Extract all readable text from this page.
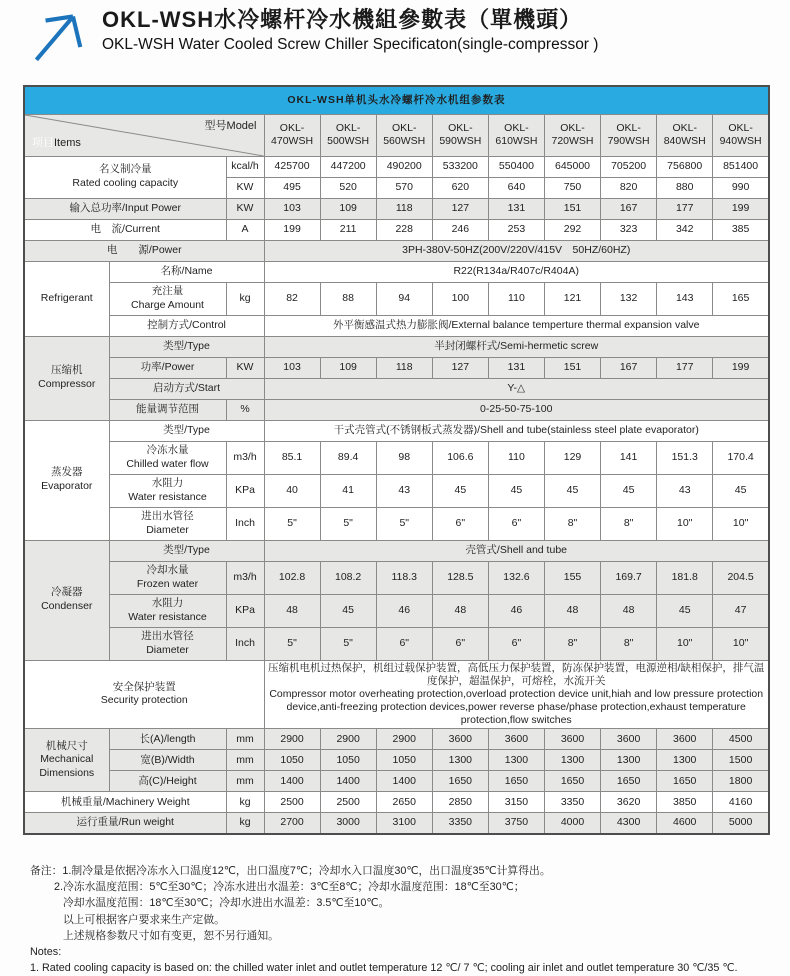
OKL-WSH水冷螺杆冷水機組參數表（單機頭）
OKL-WSH Water Cooled Screw Chiller Specificaton(single-compressor )
OKL-WSH单机头水冷螺杆冷水机组参数表											

型号Model
项目Items			OKL-470WSH	OKL-500WSH	OKL-560WSH	OKL-590WSH	OKL-610WSH	OKL-720WSH	OKL-790WSH	OKL-840WSH	OKL-940WSH

名义制冷量
Rated cooling capacity		kcal/h	425700	447200	490200	533200	550400	645000	705200	756800	851400
		KW	495	520	570	620	640	750	820	880	990
输入总功率/Input Power		KW	103	109	118	127	131	151	167	177	199
电　流/Current		A	199	211	228	246	253	292	323	342	385
电　　源/Power			3PH-380V-50HZ(200V/220V/415V　50HZ/60HZ)								
Refrigerant	名称/Name		R22(R134a/R407c/R404A)								

	充注量
Charge Amount	kg	82	88	94	100	110	121	132	143	165
	控制方式/Control		外平衡感温式热力膨胀阀/External balance temperture thermal expansion valve								

压缩机
Compressor	类型/Type		半封闭螺杆式/Semi-hermetic screw								
	功率/Power	KW	103	109	118	127	131	151	167	177	199
	启动方式/Start		Y-△								
	能量调节范围	%	0-25-50-75-100								

蒸发器
Evaporator	类型/Type		干式壳管式(不锈钢板式蒸发器)/Shell and tube(stainless steel plate evaporator)								

	冷冻水量
Chilled water flow	m3/h	85.1	89.4	98	106.6	110	129	141	151.3	170.4

	水阻力
Water resistance	KPa	40	41	43	45	45	45	45	43	45

	进出水管径
Diameter	Inch	5"	5"	5"	6"	6"	8"	8"	10"	10"

冷凝器
Condenser	类型/Type		壳管式/Shell and tube								

	冷却水量
Frozen water	m3/h	102.8	108.2	118.3	128.5	132.6	155	169.7	181.8	204.5

	水阻力
Water resistance	KPa	48	45	46	48	46	48	48	45	47

	进出水管径
Diameter	Inch	5"	5"	6"	6"	6"	8"	8"	10"	10"

安全保护装置
Security protection

压缩机电机过热保护，机组过载保护装置，高低压力保护装置，防冻保护装置，电源逆相/缺相保护，排气温度保护，超温保护，可熔栓，水流开关
Compressor motor overheating protection,overload protection device unit,hiah and low pressure protection device,anti-freezing protection devices,power reverse phase/phase protection,exhaust temperature protection,flow switches

机械尺寸
Mechanical
Dimensions	长(A)/length	mm	2900	2900	2900	3600	3600	3600	3600	3600	4500
	宽(B)/Width	mm	1050	1050	1050	1300	1300	1300	1300	1300	1500
	高(C)/Height	mm	1400	1400	1400	1650	1650	1650	1650	1650	1800
机械重量/Machinery Weight		kg	2500	2500	2650	2850	3150	3350	3620	3850	4160
运行重量/Run weight		kg	2700	3000	3100	3350	3750	4000	4300	4600	5000
备注：1.制冷量是依据冷冻水入口温度12℃，出口温度7℃；冷却水入口温度30℃，出口温度35℃计算得出。
2.冷冻水温度范围：5℃至30℃；冷冻水进出水温差：3℃至8℃；冷却水温度范围：18℃至30℃；
冷却水温度范围：18℃至30℃；冷却水进出水温差：3.5℃至10℃。
以上可根据客户要求来生产定做。
上述规格参数尺寸如有变更，恕不另行通知。
Notes:
1. Rated cooling capacity is based on: the chilled water inlet and outlet temperature 12 ℃/ 7 ℃; cooling air inlet and outlet temperature 30 ℃/35 ℃.
